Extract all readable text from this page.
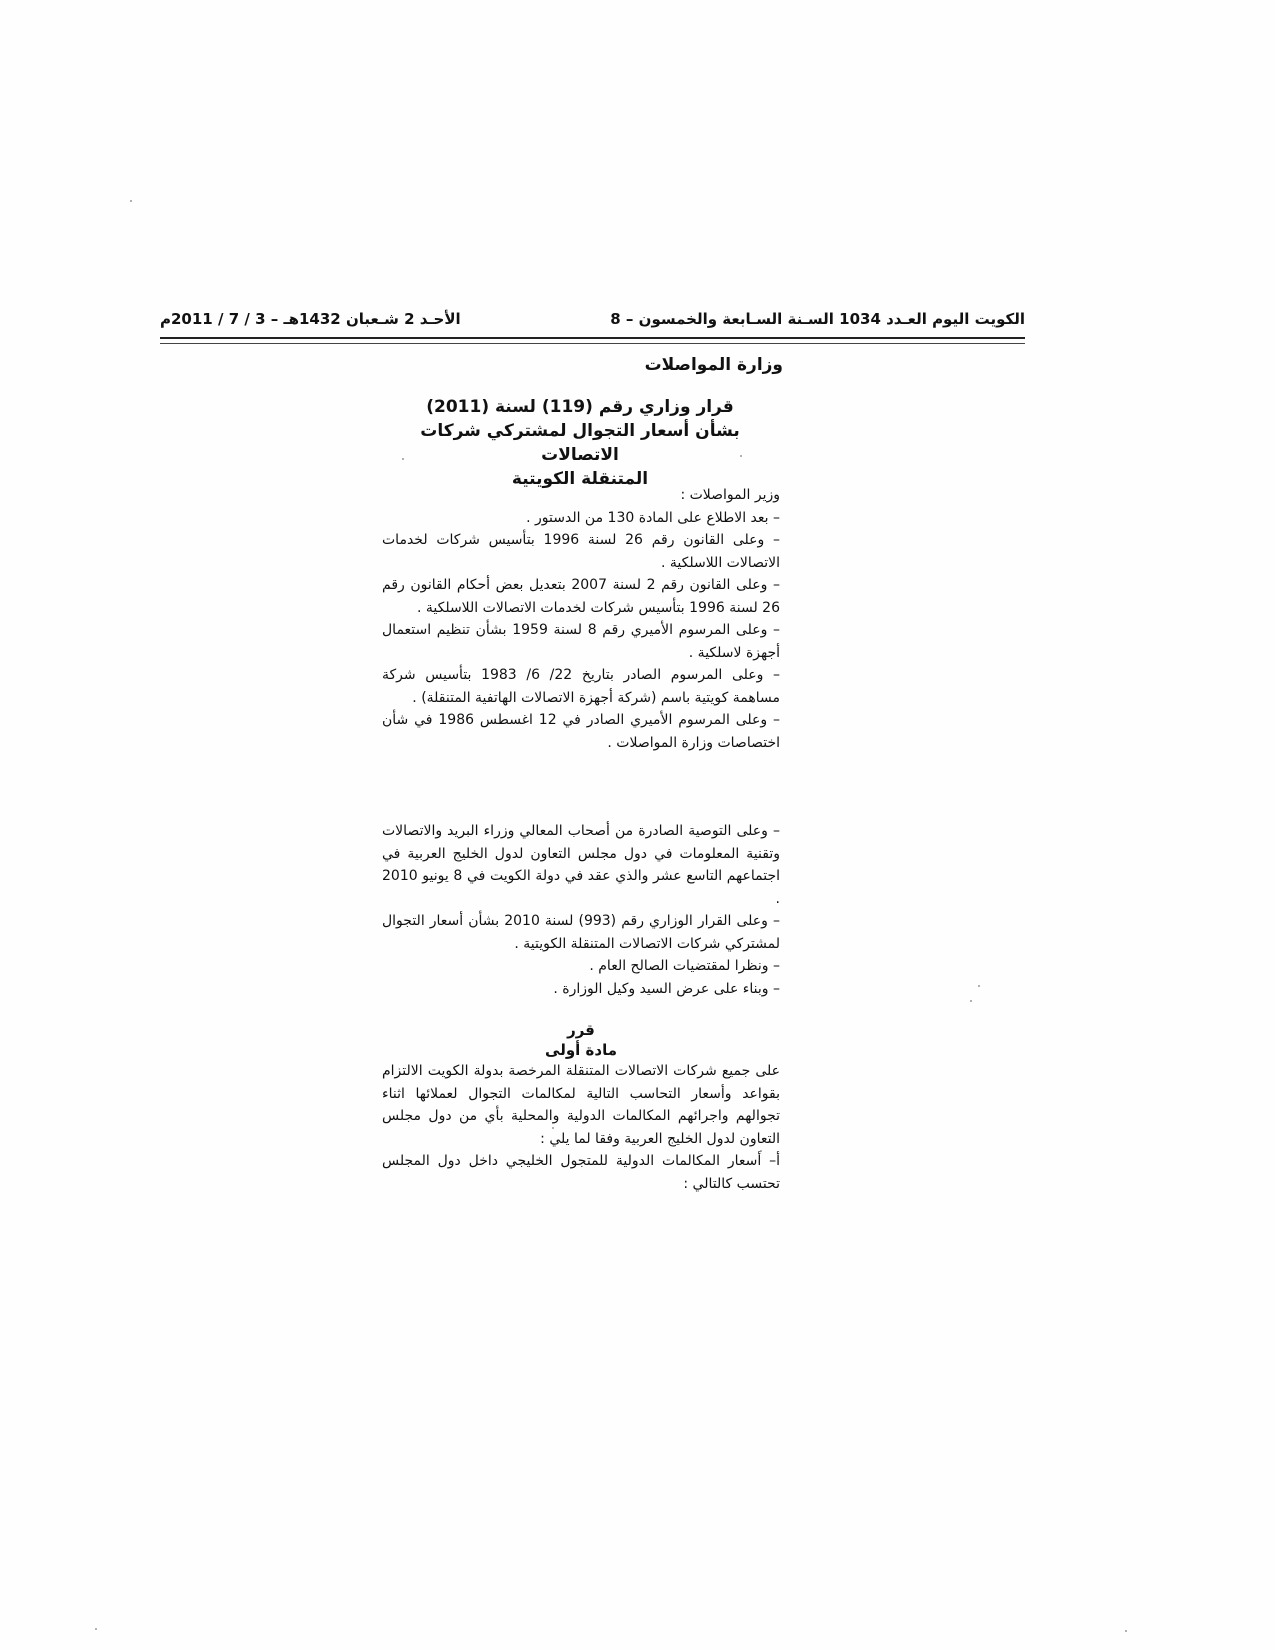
الكويت اليوم العـدد 1034 السـنة السـابعة والخمسون – 8
الأحـد 2 شـعبان 1432هـ – 3 / 7 / 2011م
وزارة المواصلات
قرار وزاري رقم (119) لسنة (2011)
بشأن أسعار التجوال لمشتركي شركات الاتصالات
المتنقلة الكويتية

وزير المواصلات :

– بعد الاطلاع على المادة 130 من الدستور .

– وعلى القانون رقم 26 لسنة 1996 بتأسيس شركات لخدمات الاتصالات اللاسلكية .

– وعلى القانون رقم 2 لسنة 2007 بتعديل بعض أحكام القانون رقم 26 لسنة 1996 بتأسيس شركات لخدمات الاتصالات اللاسلكية .

– وعلى المرسوم الأميري رقم 8 لسنة 1959 بشأن تنظيم استعمال أجهزة لاسلكية .

– وعلى المرسوم الصادر بتاريخ 22/ 6/ 1983 بتأسيس شركة مساهمة كويتية باسم (شركة أجهزة الاتصالات الهاتفية المتنقلة) .

– وعلى المرسوم الأميري الصادر في 12 اغسطس 1986 في شأن اختصاصات وزارة المواصلات .

– وعلى التوصية الصادرة من أصحاب المعالي وزراء البريد والاتصالات وتقنية المعلومات في دول مجلس التعاون لدول الخليج العربية في اجتماعهم التاسع عشر والذي عقد في دولة الكويت في 8 يونيو 2010 .

– وعلى القرار الوزاري رقم (993) لسنة 2010 بشأن أسعار التجوال لمشتركي شركات الاتصالات المتنقلة الكويتية .

– ونظرا لمقتضيات الصالح العام .

– وبناء على عرض السيد وكيل الوزارة .

قرر
مادة أولى

على جميع شركات الاتصالات المتنقلة المرخصة بدولة الكويت الالتزام بقواعد وأسعار التحاسب التالية لمكالمات التجوال لعملائها اثناء تجوالهم واجرائهم المكالمات الدولية والمحلية بأي من دول مجلس التعاون لدول الخليج العربية وفقا لما يلي :

أ– أسعار المكالمات الدولية للمتجول الخليجي داخل دول المجلس تحتسب كالتالي :
